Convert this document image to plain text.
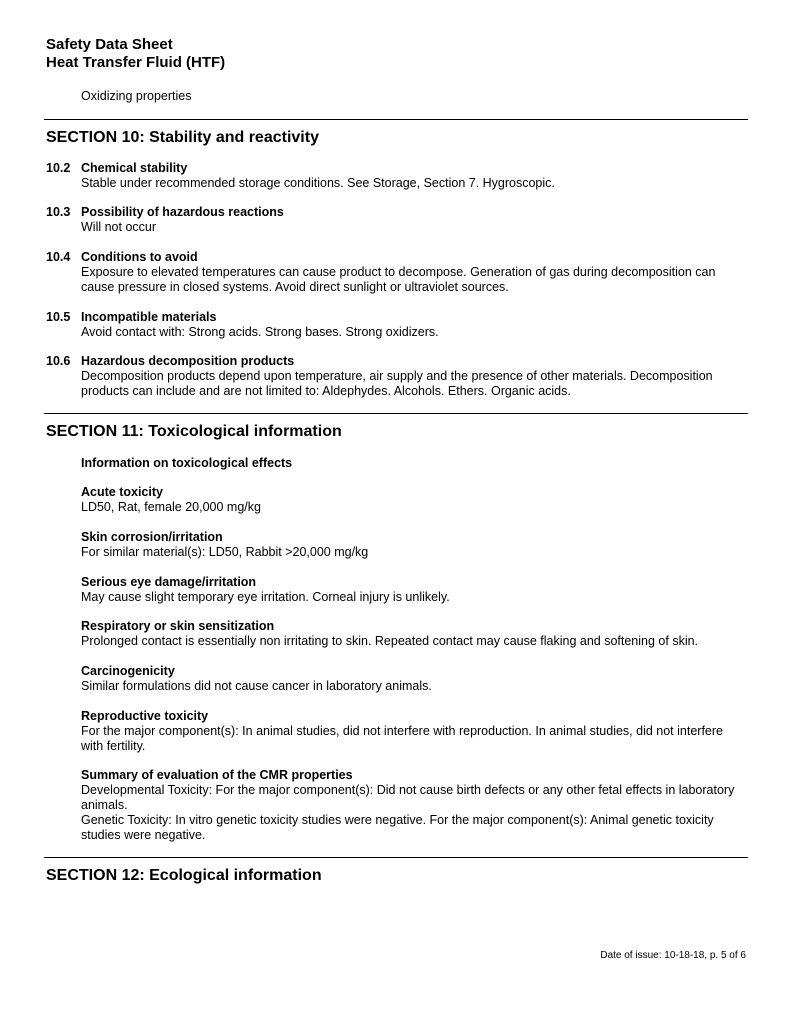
Safety Data Sheet
Heat Transfer Fluid (HTF)
Oxidizing properties
SECTION 10: Stability and reactivity
10.2 Chemical stability
Stable under recommended storage conditions. See Storage, Section 7. Hygroscopic.
10.3 Possibility of hazardous reactions
Will not occur
10.4 Conditions to avoid
Exposure to elevated temperatures can cause product to decompose. Generation of gas during decomposition can cause pressure in closed systems. Avoid direct sunlight or ultraviolet sources.
10.5 Incompatible materials
Avoid contact with: Strong acids. Strong bases. Strong oxidizers.
10.6 Hazardous decomposition products
Decomposition products depend upon temperature, air supply and the presence of other materials. Decomposition products can include and are not limited to: Aldephydes. Alcohols. Ethers. Organic acids.
SECTION 11: Toxicological information
Information on toxicological effects
Acute toxicity
LD50, Rat, female 20,000 mg/kg
Skin corrosion/irritation
For similar material(s): LD50, Rabbit >20,000 mg/kg
Serious eye damage/irritation
May cause slight temporary eye irritation. Corneal injury is unlikely.
Respiratory or skin sensitization
Prolonged contact is essentially non irritating to skin. Repeated contact may cause flaking and softening of skin.
Carcinogenicity
Similar formulations did not cause cancer in laboratory animals.
Reproductive toxicity
For the major component(s): In animal studies, did not interfere with reproduction. In animal studies, did not interfere with fertility.
Summary of evaluation of the CMR properties
Developmental Toxicity: For the major component(s): Did not cause birth defects or any other fetal effects in laboratory animals.
Genetic Toxicity: In vitro genetic toxicity studies were negative. For the major component(s): Animal genetic toxicity studies were negative.
SECTION 12: Ecological information
Date of issue: 10-18-18, p. 5 of 6
